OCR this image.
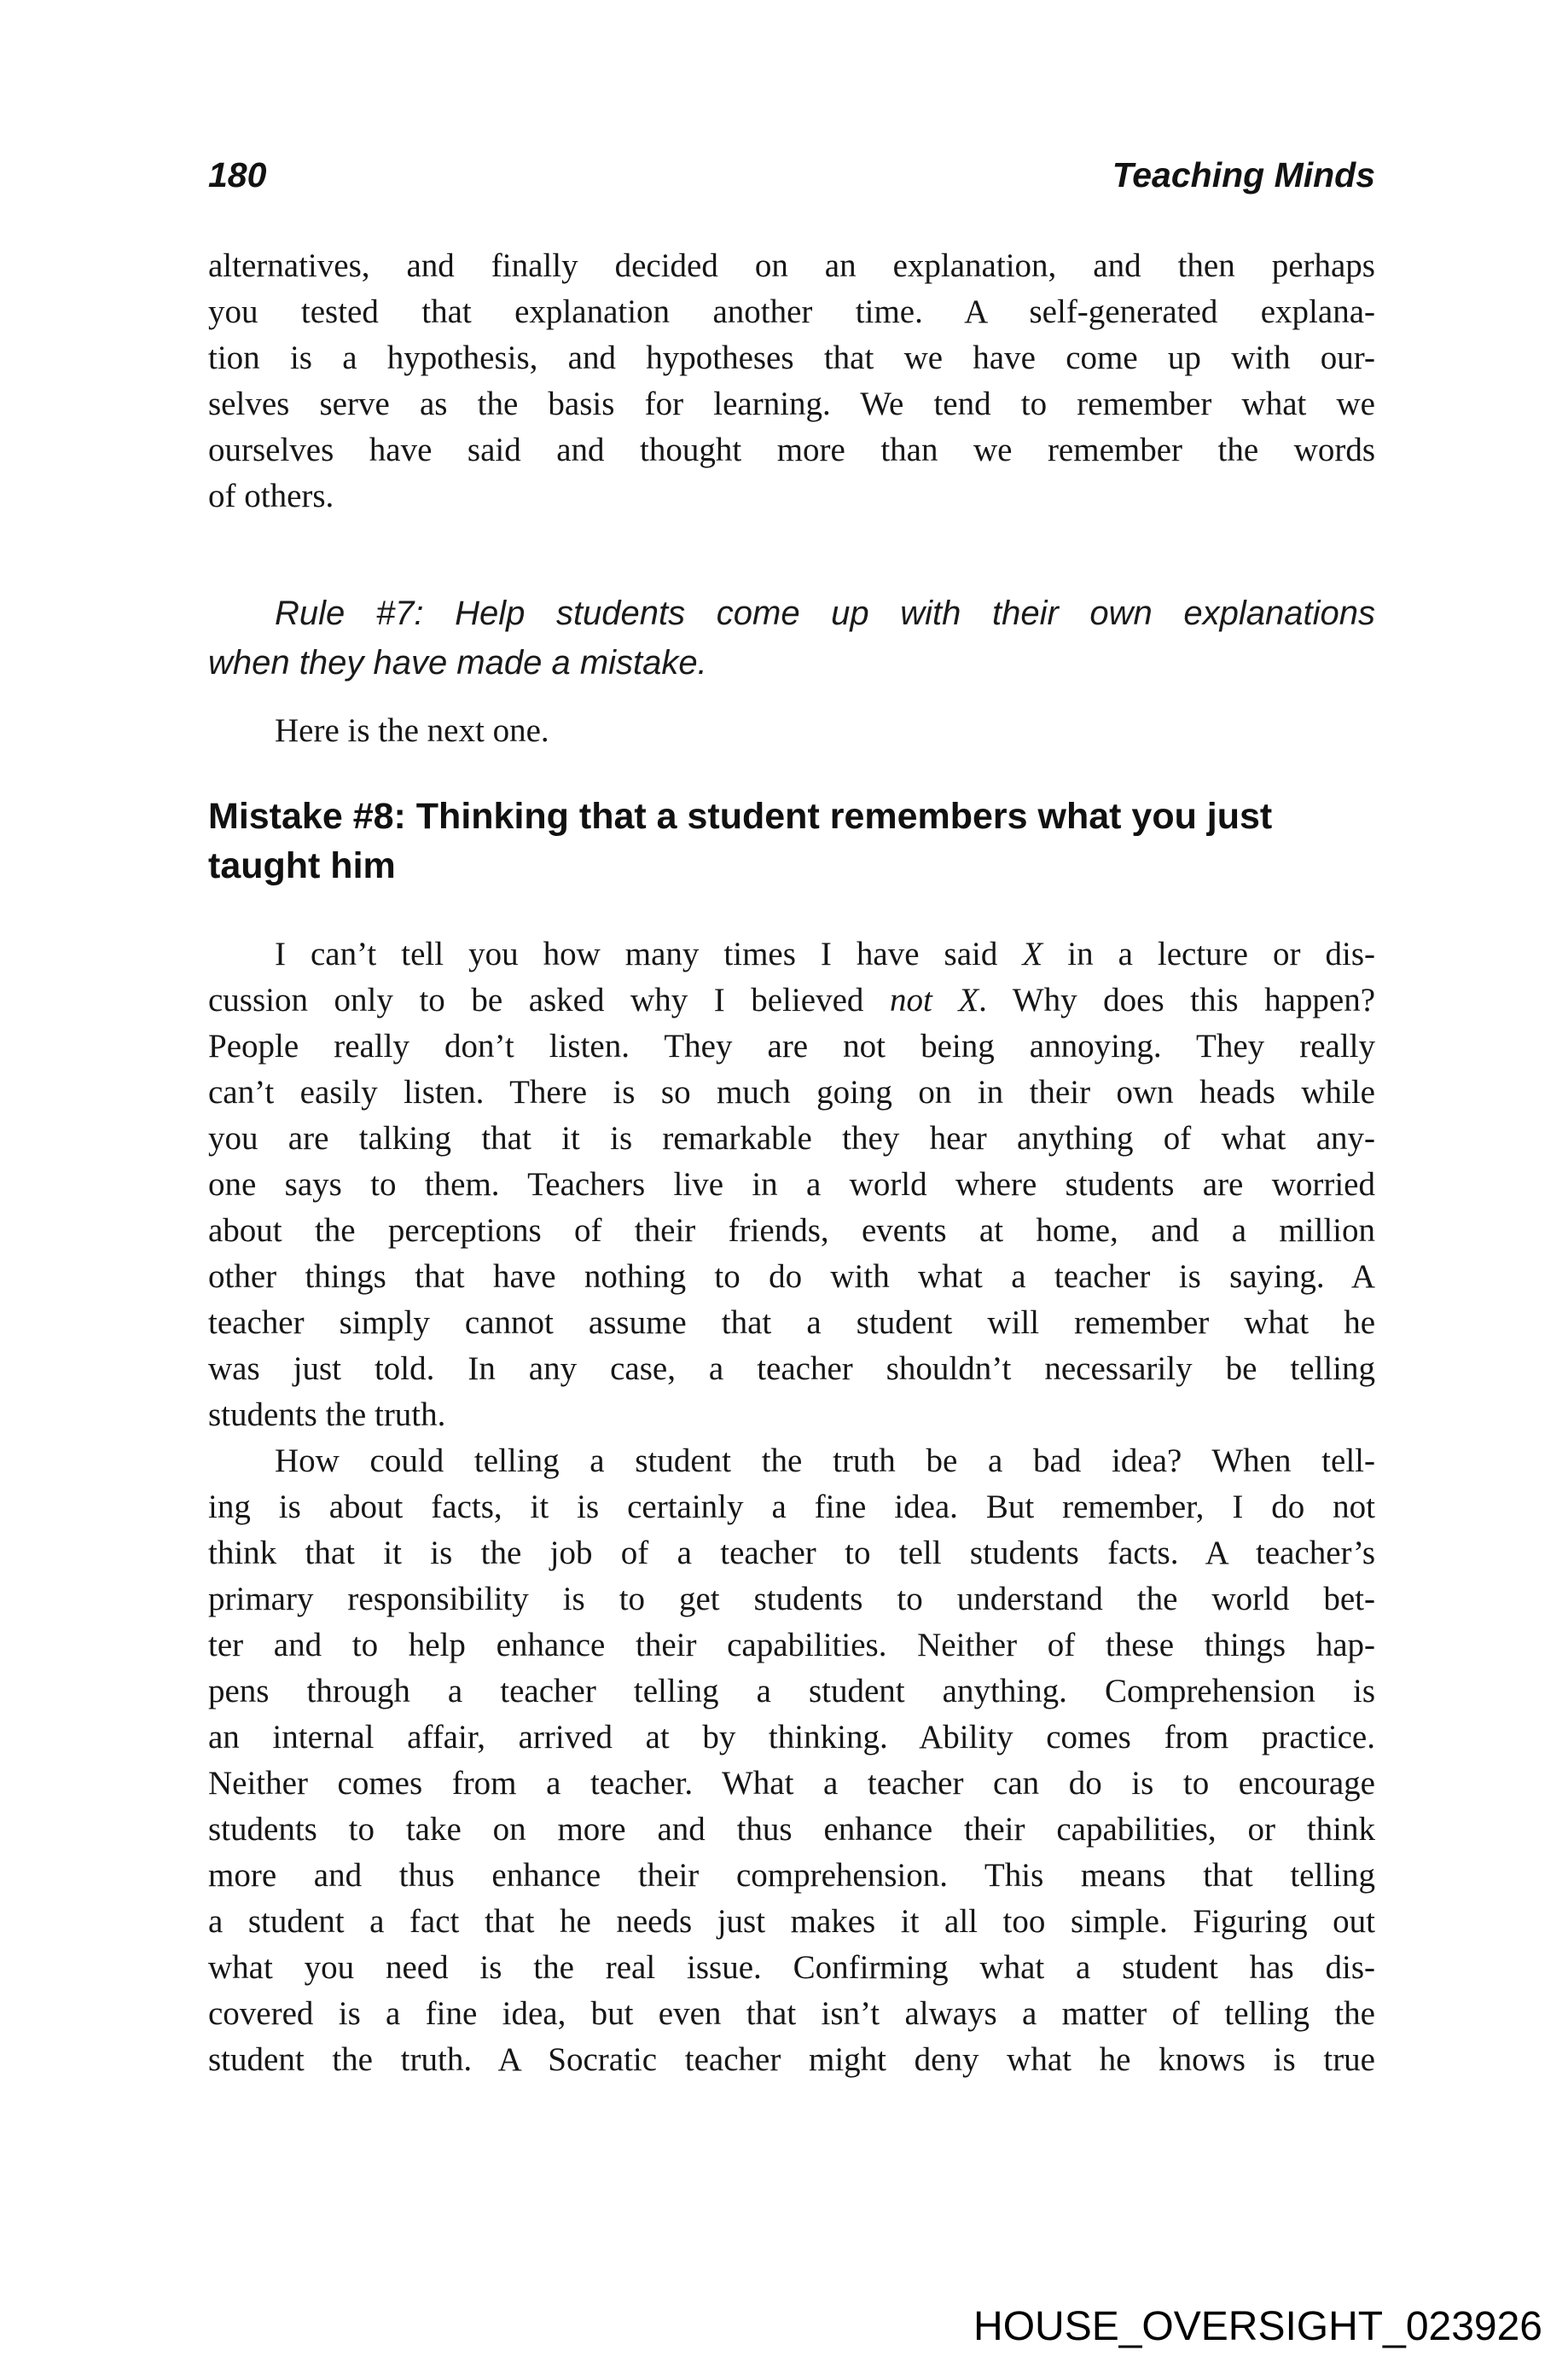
180	Teaching Minds
alternatives, and finally decided on an explanation, and then perhaps
you tested that explanation another time. A self-generated explana-
tion is a hypothesis, and hypotheses that we have come up with our-
selves serve as the basis for learning. We tend to remember what we
ourselves have said and thought more than we remember the words
of others.
Rule #7: Help students come up with their own explanations
when they have made a mistake.
Here is the next one.
Mistake #8: Thinking that a student remembers what you just
taught him
I can’t tell you how many times I have said X in a lecture or dis-
cussion only to be asked why I believed not X. Why does this happen?
People really don’t listen. They are not being annoying. They really
can’t easily listen. There is so much going on in their own heads while
you are talking that it is remarkable they hear anything of what any-
one says to them. Teachers live in a world where students are worried
about the perceptions of their friends, events at home, and a million
other things that have nothing to do with what a teacher is saying. A
teacher simply cannot assume that a student will remember what he
was just told. In any case, a teacher shouldn’t necessarily be telling
students the truth.
How could telling a student the truth be a bad idea? When tell-
ing is about facts, it is certainly a fine idea. But remember, I do not
think that it is the job of a teacher to tell students facts. A teacher’s
primary responsibility is to get students to understand the world bet-
ter and to help enhance their capabilities. Neither of these things hap-
pens through a teacher telling a student anything. Comprehension is
an internal affair, arrived at by thinking. Ability comes from practice.
Neither comes from a teacher. What a teacher can do is to encourage
students to take on more and thus enhance their capabilities, or think
more and thus enhance their comprehension. This means that telling
a student a fact that he needs just makes it all too simple. Figuring out
what you need is the real issue. Confirming what a student has dis-
covered is a fine idea, but even that isn’t always a matter of telling the
student the truth. A Socratic teacher might deny what he knows is true
HOUSE_OVERSIGHT_023926
